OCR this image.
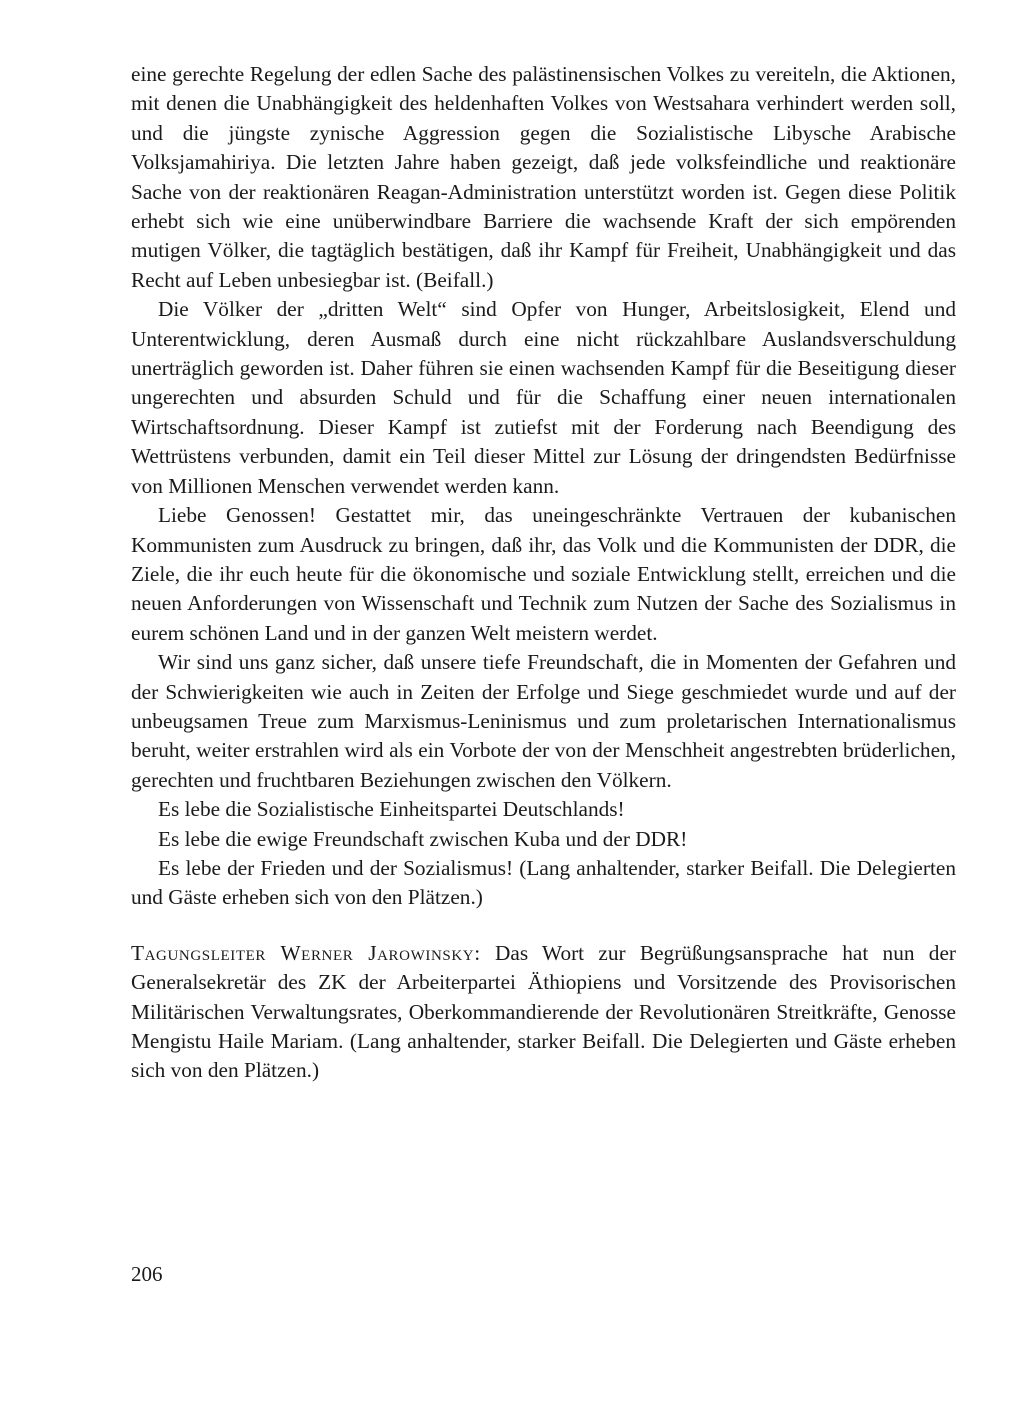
eine gerechte Regelung der edlen Sache des palästinensischen Volkes zu vereiteln, die Aktionen, mit denen die Unabhängigkeit des heldenhaften Volkes von Westsahara verhindert werden soll, und die jüngste zynische Aggression gegen die Sozialistische Libysche Arabische Volksjamahiriya. Die letzten Jahre haben gezeigt, daß jede volksfeindliche und reaktionäre Sache von der reaktionären Reagan-Administration unterstützt worden ist. Gegen diese Politik erhebt sich wie eine unüberwindbare Barriere die wachsende Kraft der sich empörenden mutigen Völker, die tagtäglich bestätigen, daß ihr Kampf für Freiheit, Unabhängigkeit und das Recht auf Leben unbesiegbar ist. (Beifall.)

Die Völker der „dritten Welt“ sind Opfer von Hunger, Arbeitslosigkeit, Elend und Unterentwicklung, deren Ausmaß durch eine nicht rückzahlbare Auslandsverschuldung unerträglich geworden ist. Daher führen sie einen wachsenden Kampf für die Beseitigung dieser ungerechten und absurden Schuld und für die Schaffung einer neuen internationalen Wirtschaftsordnung. Dieser Kampf ist zutiefst mit der Forderung nach Beendigung des Wettrüstens verbunden, damit ein Teil dieser Mittel zur Lösung der dringendsten Bedürfnisse von Millionen Menschen verwendet werden kann.

Liebe Genossen! Gestattet mir, das uneingeschränkte Vertrauen der kubanischen Kommunisten zum Ausdruck zu bringen, daß ihr, das Volk und die Kommunisten der DDR, die Ziele, die ihr euch heute für die ökonomische und soziale Entwicklung stellt, erreichen und die neuen Anforderungen von Wissenschaft und Technik zum Nutzen der Sache des Sozialismus in eurem schönen Land und in der ganzen Welt meistern werdet.

Wir sind uns ganz sicher, daß unsere tiefe Freundschaft, die in Momenten der Gefahren und der Schwierigkeiten wie auch in Zeiten der Erfolge und Siege geschmiedet wurde und auf der unbeugsamen Treue zum Marxismus-Leninismus und zum proletarischen Internationalismus beruht, weiter erstrahlen wird als ein Vorbote der von der Menschheit angestrebten brüderlichen, gerechten und fruchtbaren Beziehungen zwischen den Völkern.

Es lebe die Sozialistische Einheitspartei Deutschlands!

Es lebe die ewige Freundschaft zwischen Kuba und der DDR!

Es lebe der Frieden und der Sozialismus! (Lang anhaltender, starker Beifall. Die Delegierten und Gäste erheben sich von den Plätzen.)

Tagungsleiter Werner Jarowinsky: Das Wort zur Begrüßungsansprache hat nun der Generalsekretär des ZK der Arbeiterpartei Äthiopiens und Vorsitzende des Provisorischen Militärischen Verwaltungsrates, Oberkommandierende der Revolutionären Streitkräfte, Genosse Mengistu Haile Mariam. (Lang anhaltender, starker Beifall. Die Delegierten und Gäste erheben sich von den Plätzen.)

206
